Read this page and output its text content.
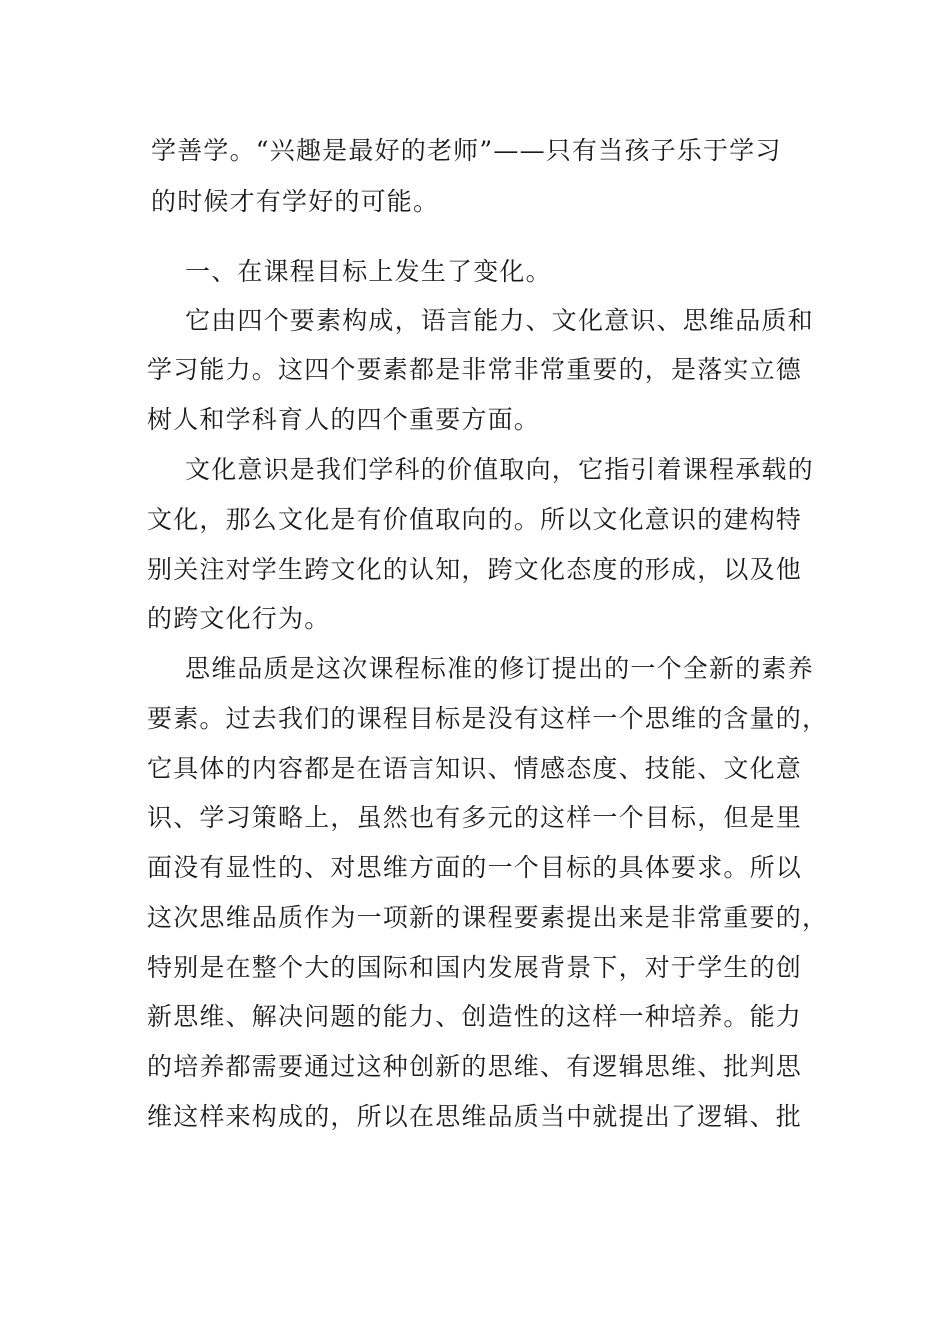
学善学。“兴趣是最好的老师”——只有当孩子乐于学习
的时候才有学好的可能。
一、在课程目标上发生了变化。
它由四个要素构成，语言能力、文化意识、思维品质和
学习能力。这四个要素都是非常非常重要的，是落实立德
树人和学科育人的四个重要方面。
文化意识是我们学科的价值取向，它指引着课程承载的
文化，那么文化是有价值取向的。所以文化意识的建构特
别关注对学生跨文化的认知，跨文化态度的形成，以及他
的跨文化行为。
思维品质是这次课程标准的修订提出的一个全新的素养
要素。过去我们的课程目标是没有这样一个思维的含量的，
它具体的内容都是在语言知识、情感态度、技能、文化意
识、学习策略上，虽然也有多元的这样一个目标，但是里
面没有显性的、对思维方面的一个目标的具体要求。所以
这次思维品质作为一项新的课程要素提出来是非常重要的，
特别是在整个大的国际和国内发展背景下，对于学生的创
新思维、解决问题的能力、创造性的这样一种培养。能力
的培养都需要通过这种创新的思维、有逻辑思维、批判思
维这样来构成的，所以在思维品质当中就提出了逻辑、批
